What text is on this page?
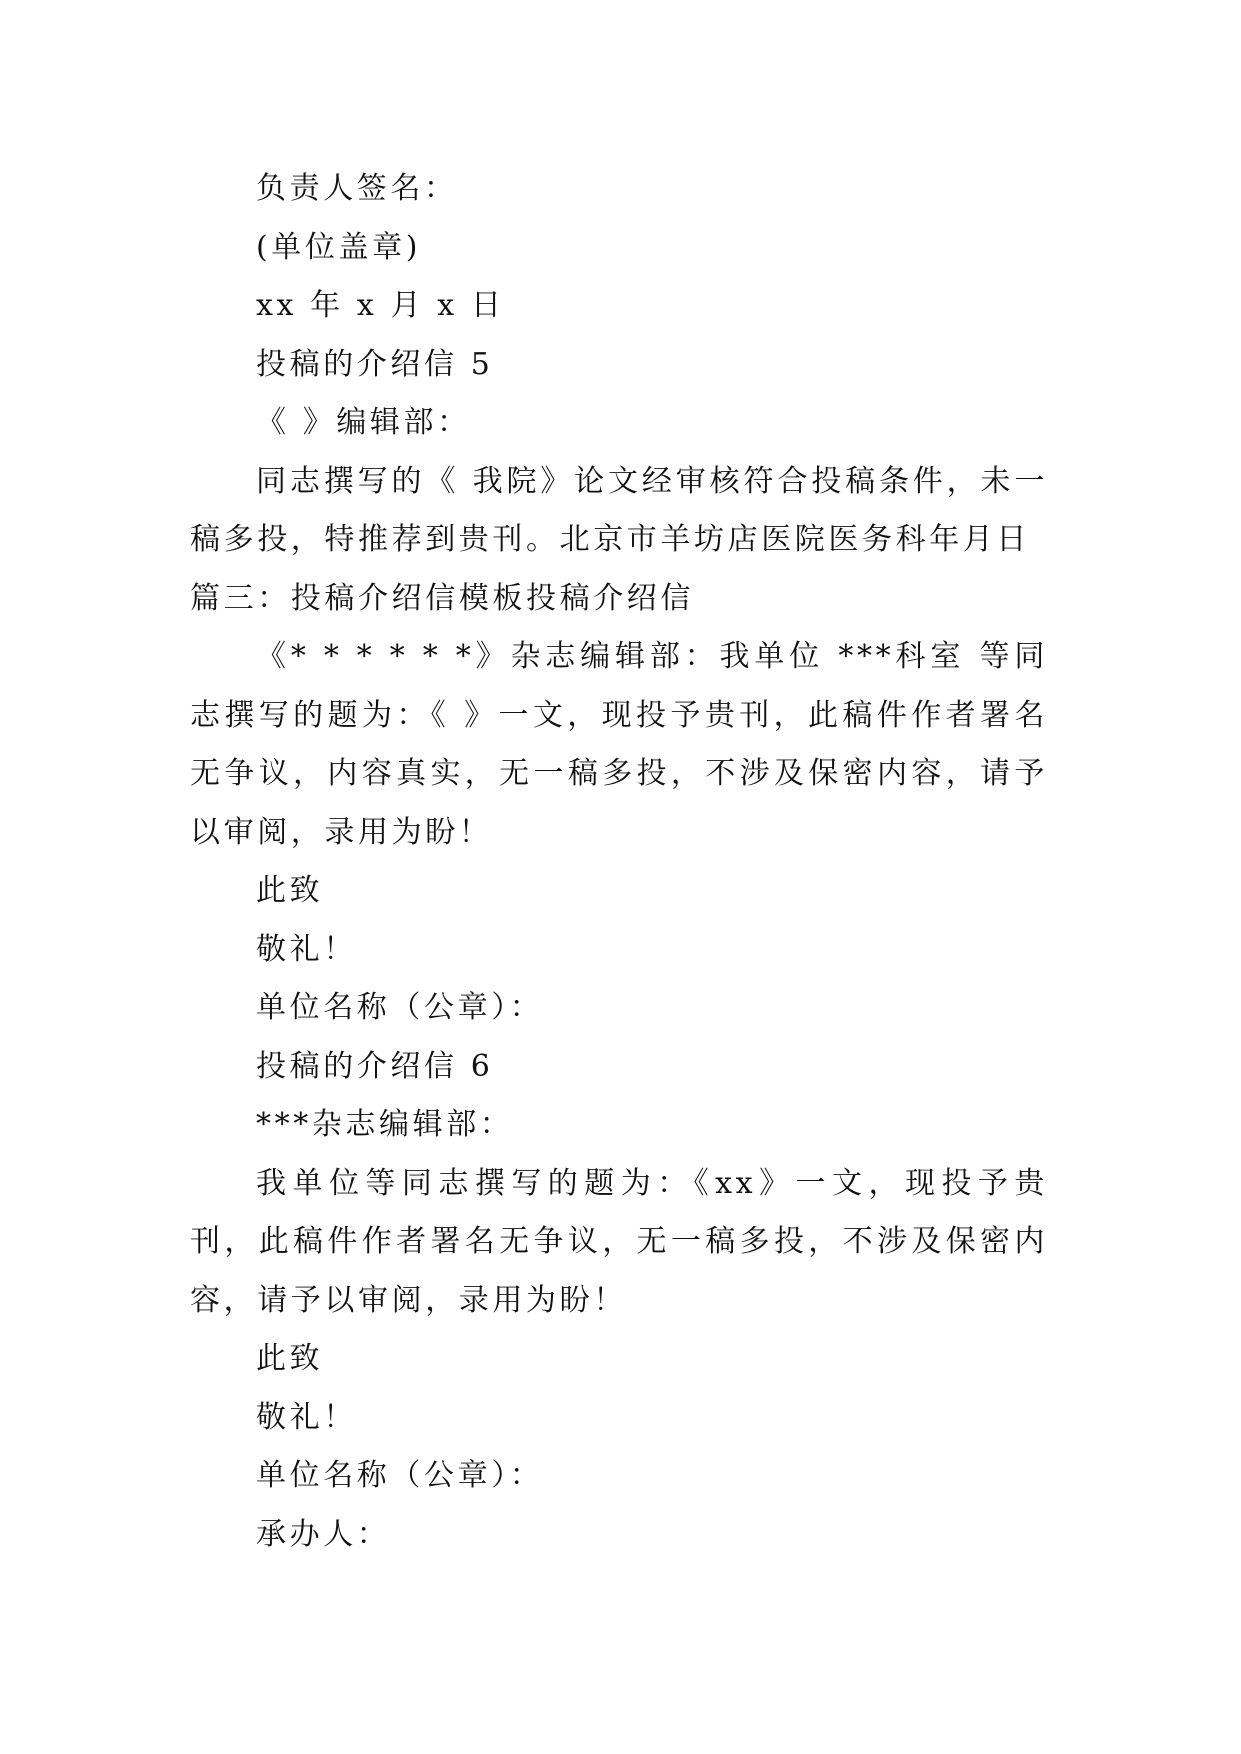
负责人签名：

(单位盖章)

xx 年 x 月 x 日

投稿的介绍信 5

《 》编辑部：

同志撰写的《 我院》论文经审核符合投稿条件，未一稿多投，特推荐到贵刊。北京市羊坊店医院医务科年月日

篇三：投稿介绍信模板投稿介绍信

《* * * * * *》杂志编辑部：我单位 ***科室 等同志撰写的题为：《 》一文，现投予贵刊，此稿件作者署名无争议，内容真实，无一稿多投，不涉及保密内容，请予以审阅，录用为盼！

此致

敬礼！

单位名称（公章）：

投稿的介绍信 6

***杂志编辑部：

我单位等同志撰写的题为：《xx》一文，现投予贵刊，此稿件作者署名无争议，无一稿多投，不涉及保密内容，请予以审阅，录用为盼！

此致

敬礼！

单位名称（公章）：

承办人：
